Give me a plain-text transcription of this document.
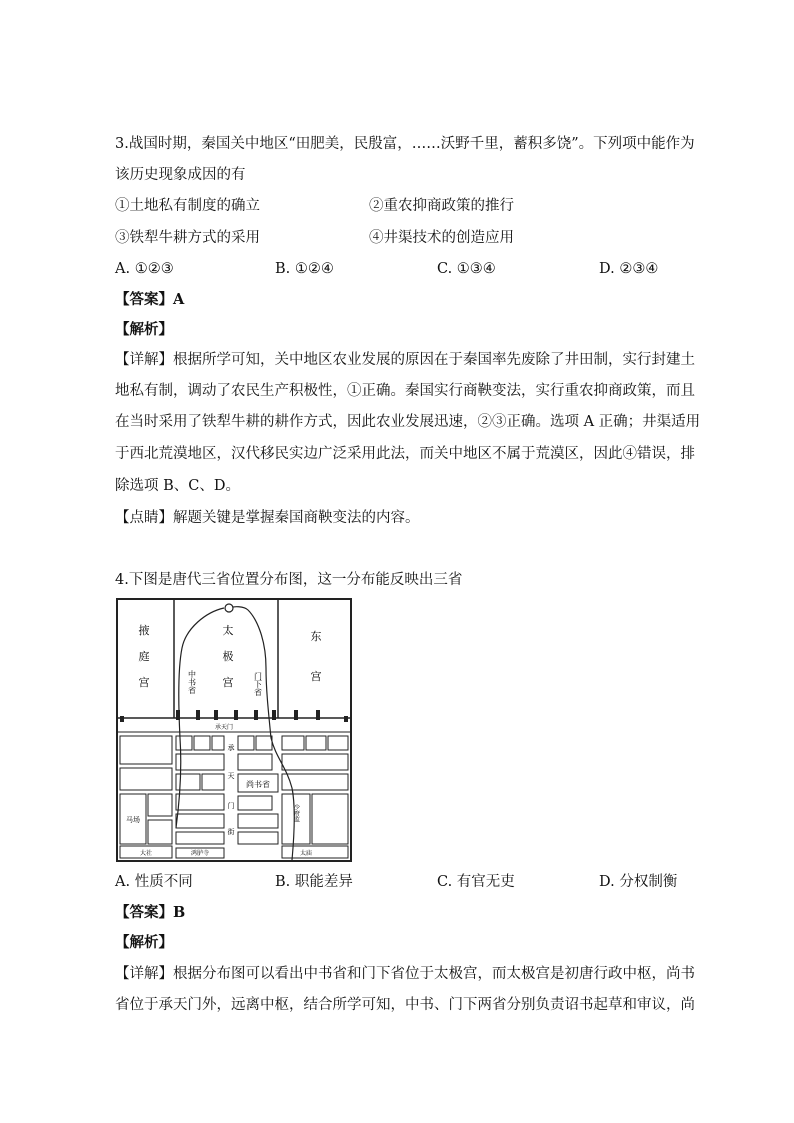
3.战国时期，秦国关中地区“田肥美，民殷富，……沃野千里，蓄积多饶”。下列项中能作为
该历史现象成因的有
①土地私有制度的确立	②重农抑商政策的推行
③铁犁牛耕方式的采用	④井渠技术的创造应用
A. ①②③	B. ①②④	C. ①③④	D. ②③④
【答案】A
【解析】
【详解】根据所学可知，关中地区农业发展的原因在于秦国率先废除了井田制，实行封建土
地私有制，调动了农民生产积极性，①正确。秦国实行商鞅变法，实行重农抑商政策，而且
在当时采用了铁犁牛耕的耕作方式，因此农业发展迅速，②③正确。选项 A 正确；井渠适用
于西北荒漠地区，汉代移民实边广泛采用此法，而关中地区不属于荒漠区，因此④错误，排
除选项 B、C、D。
【点睛】解题关键是掌握秦国商鞅变法的内容。
4.下图是唐代三省位置分布图，这一分布能反映出三省
掖
庭
宫
太
极
宫
东
宫
中书省	门下省
承天门
承
天
门
街
尚书省
马场	少府监
大社	鸿胪寺	太庙
A. 性质不同	B. 职能差异	C. 有官无吏	D. 分权制衡
【答案】B
【解析】
【详解】根据分布图可以看出中书省和门下省位于太极宫，而太极宫是初唐行政中枢，尚书
省位于承天门外，远离中枢，结合所学可知，中书、门下两省分别负责诏书起草和审议，尚
